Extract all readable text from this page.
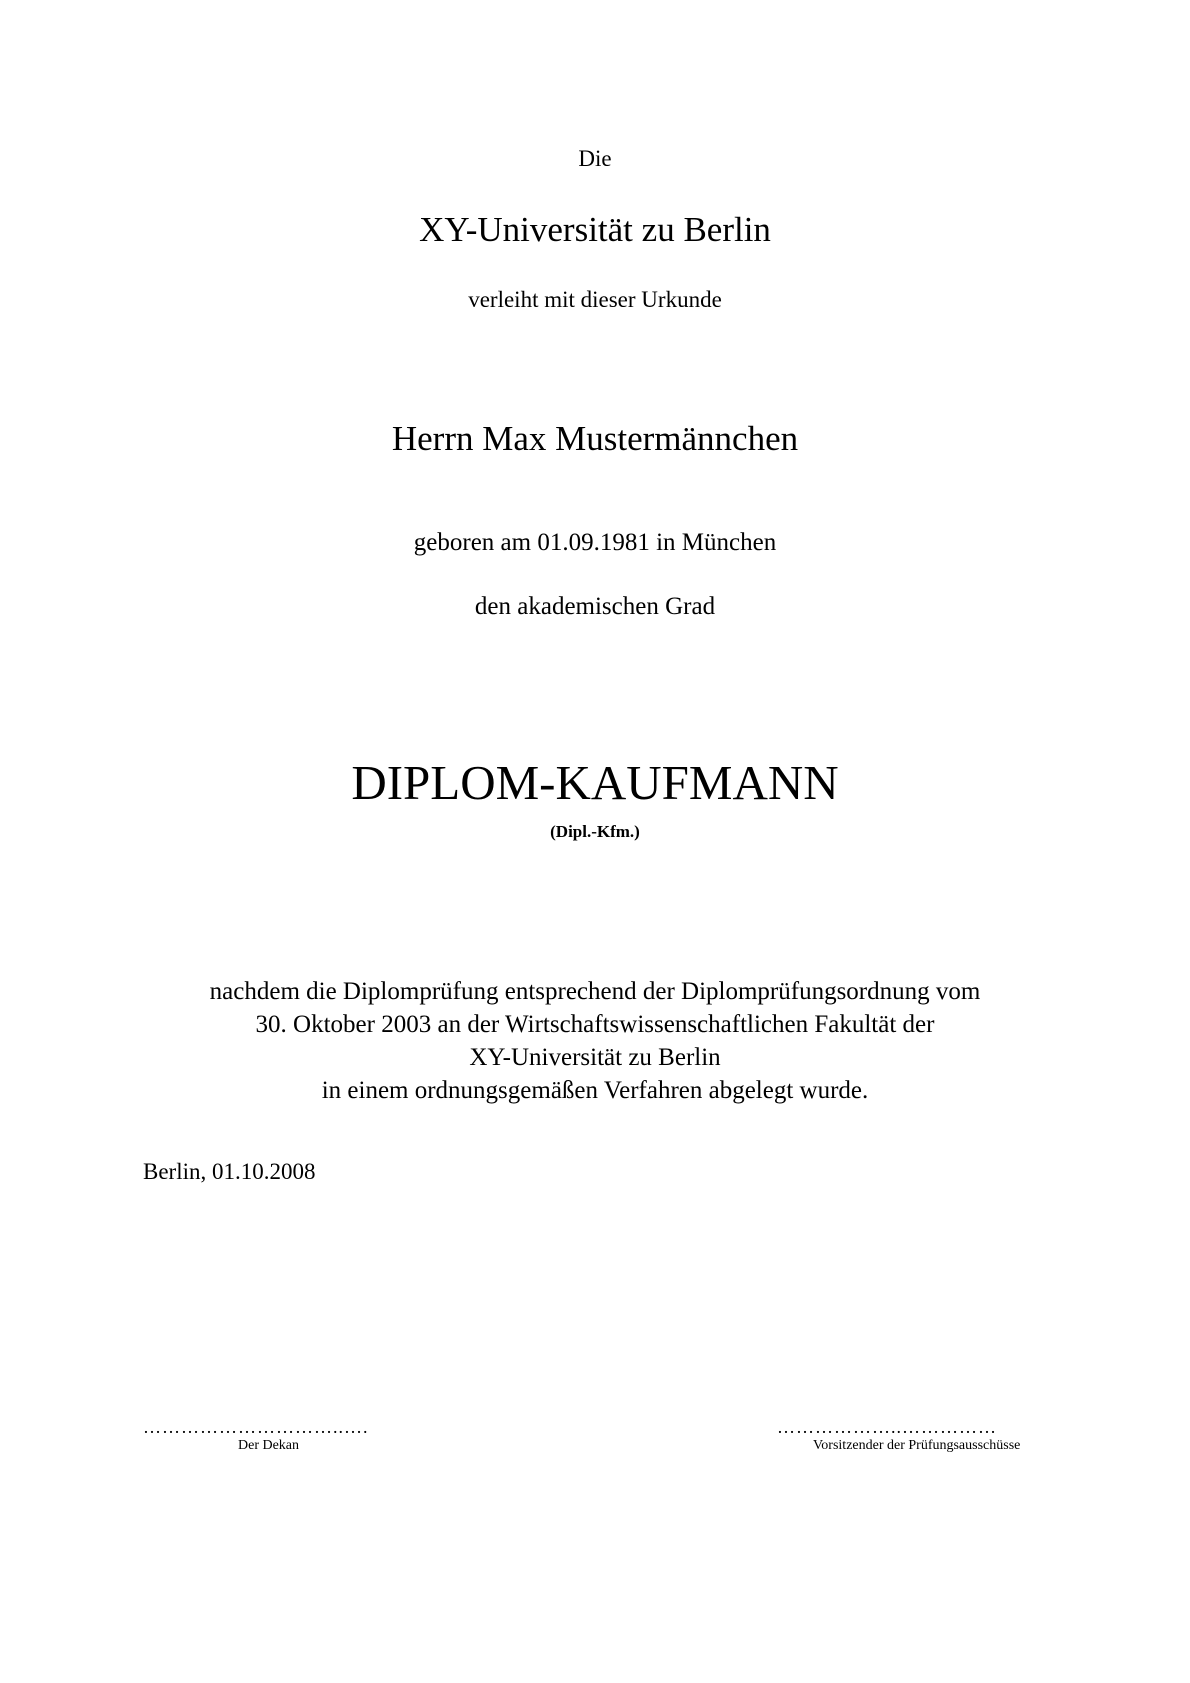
Die
XY-Universität zu Berlin
verleiht mit dieser Urkunde
Herrn Max Mustermännchen
geboren am 01.09.1981 in München
den akademischen Grad
DIPLOM-KAUFMANN
(Dipl.-Kfm.)
nachdem die Diplomprüfung entsprechend der Diplomprüfungsordnung vom
30. Oktober 2003 an der Wirtschaftswissenschaftlichen Fakultät der
XY-Universität zu Berlin
in einem ordnungsgemäßen Verfahren abgelegt wurde.
Berlin, 01.10.2008
…………………………..….
Der Dekan
………………..……………
Vorsitzender der Prüfungsausschüsse
